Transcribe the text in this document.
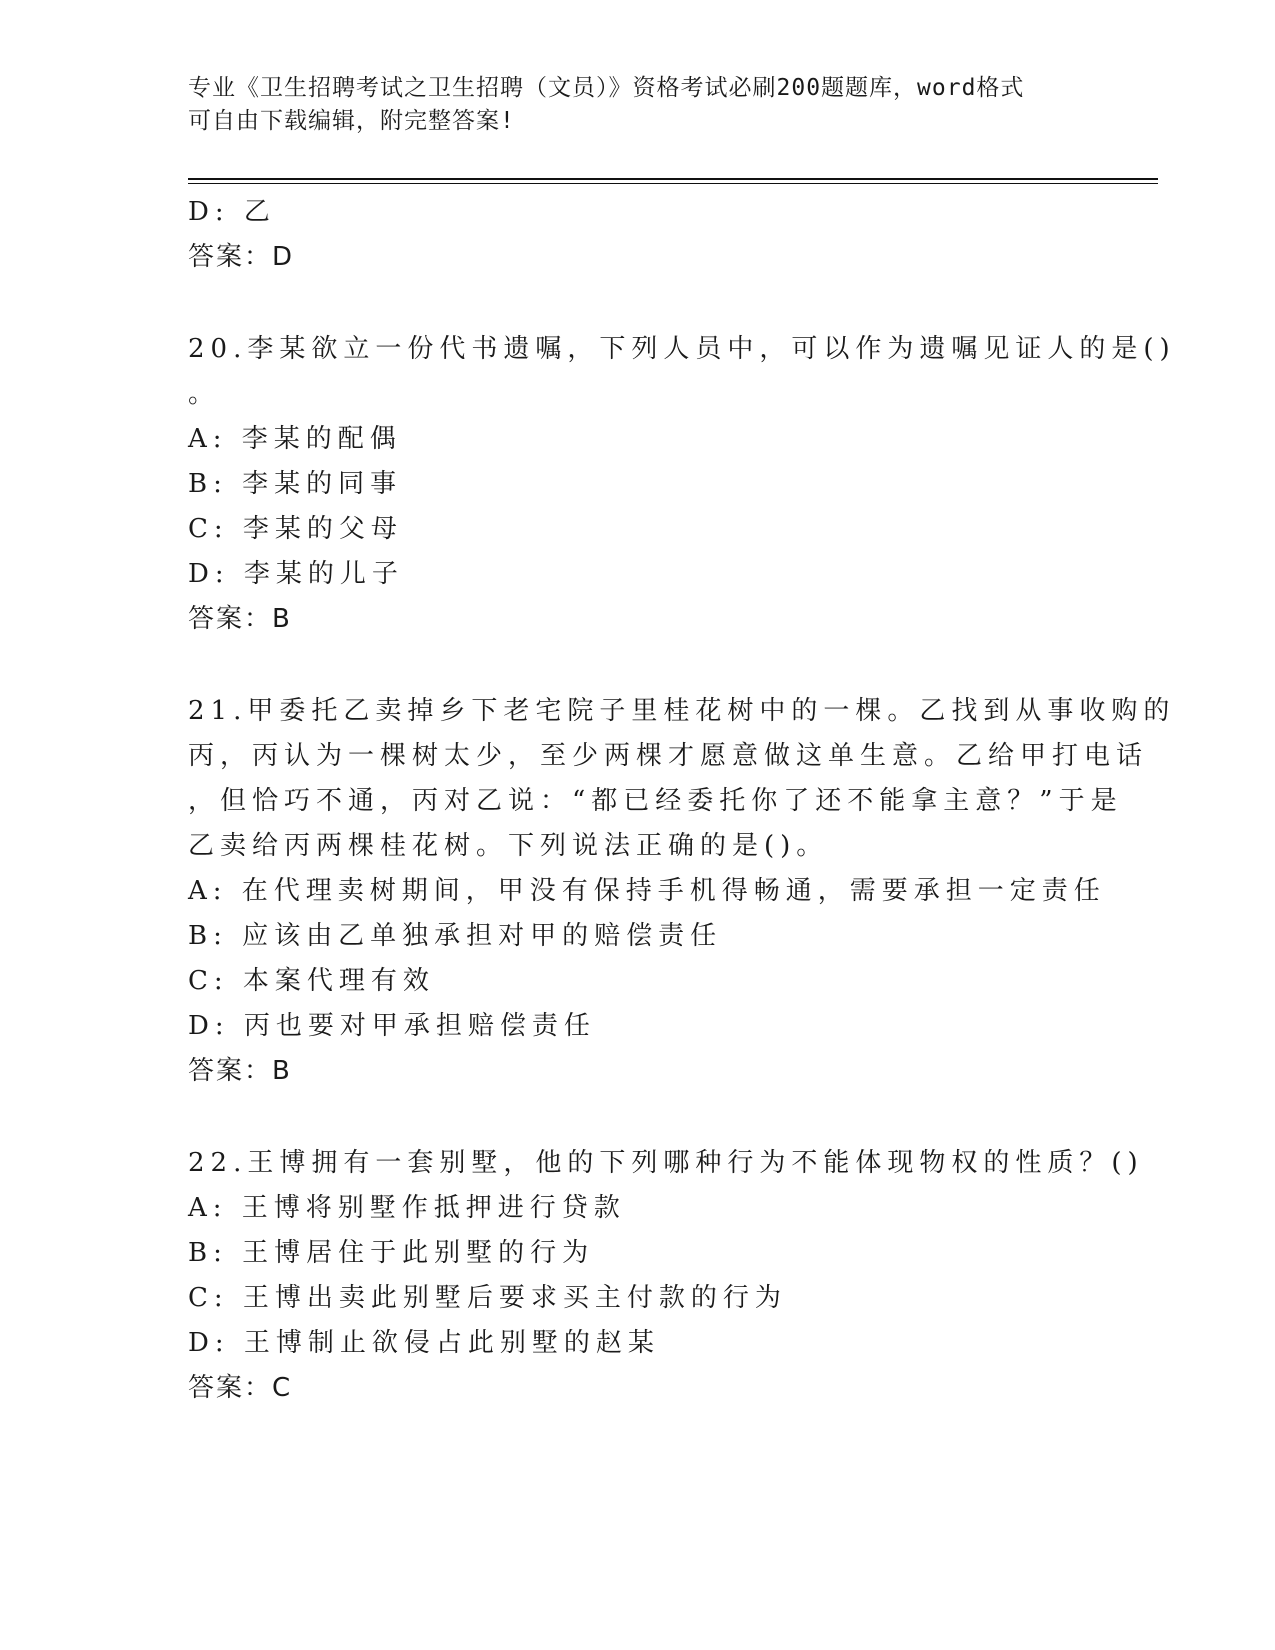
专业《卫生招聘考试之卫生招聘（文员）》资格考试必刷200题题库，word格式
可自由下载编辑，附完整答案!
D: 乙
答案：D
20.李某欲立一份代书遗嘱，下列人员中，可以作为遗嘱见证人的是()
。
A: 李某的配偶
B: 李某的同事
C: 李某的父母
D: 李某的儿子
答案：B
21.甲委托乙卖掉乡下老宅院子里桂花树中的一棵。乙找到从事收购的
丙，丙认为一棵树太少，至少两棵才愿意做这单生意。乙给甲打电话
，但恰巧不通，丙对乙说：“都已经委托你了还不能拿主意？”于是
乙卖给丙两棵桂花树。下列说法正确的是()。
A: 在代理卖树期间，甲没有保持手机得畅通，需要承担一定责任
B: 应该由乙单独承担对甲的赔偿责任
C: 本案代理有效
D: 丙也要对甲承担赔偿责任
答案：B
22.王博拥有一套别墅，他的下列哪种行为不能体现物权的性质？()
A: 王博将别墅作抵押进行贷款
B: 王博居住于此别墅的行为
C: 王博出卖此别墅后要求买主付款的行为
D: 王博制止欲侵占此别墅的赵某
答案：C
